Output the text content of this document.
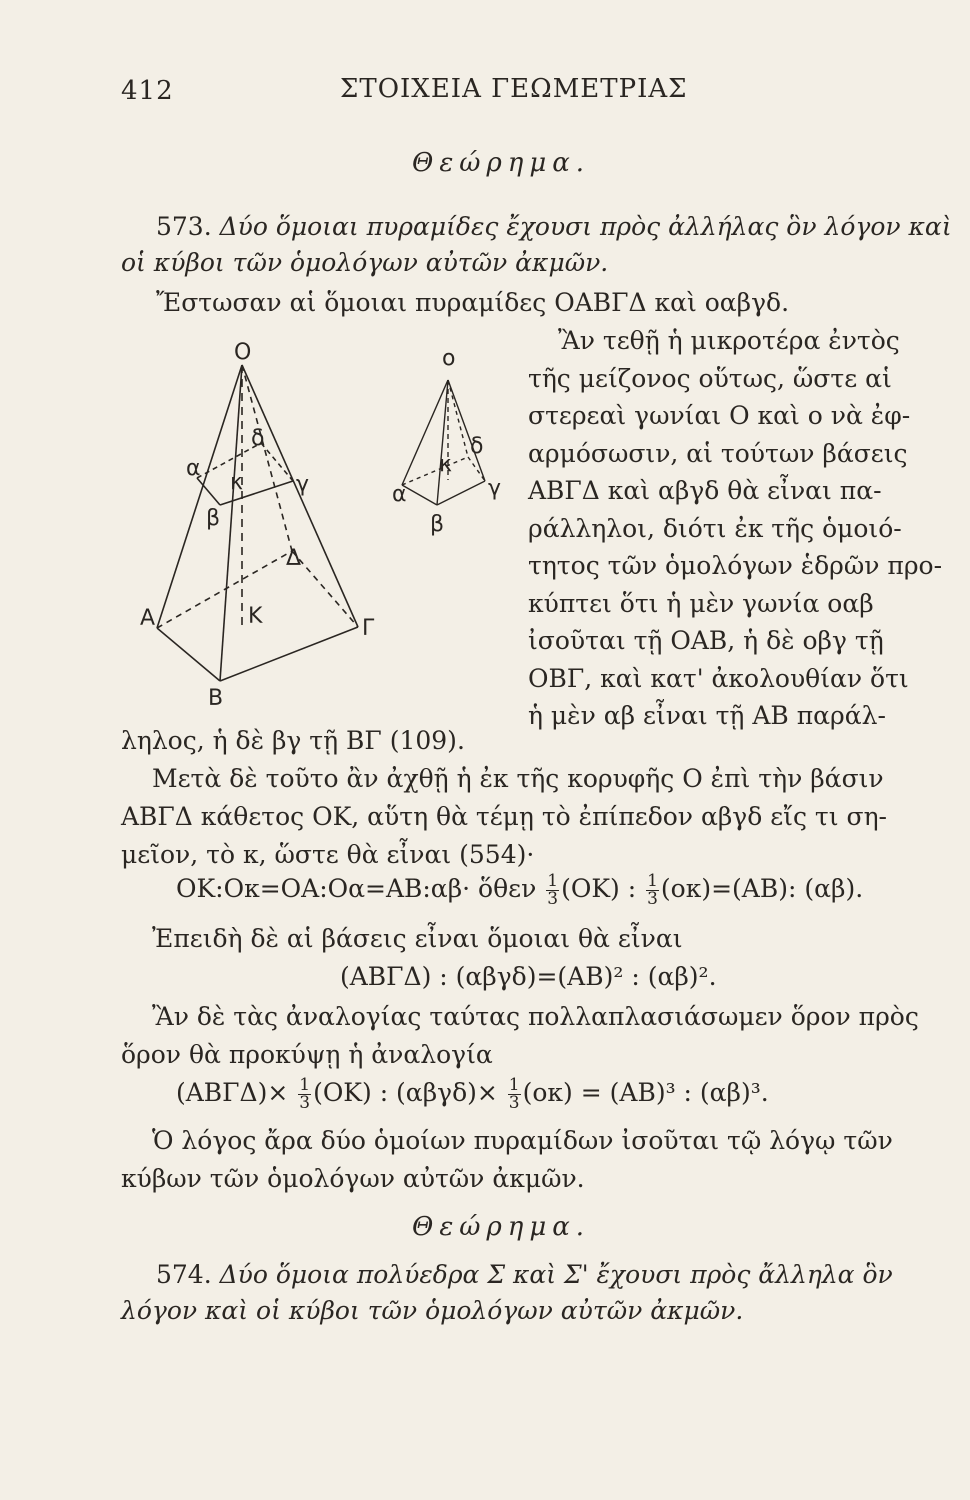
412	ΣΤΟΙΧΕΙΑ ΓΕΩΜΕΤΡΙΑΣ
Θεώρημα.
573. Δύο ὅμοιαι πυραμίδες ἔχουσι πρὸς ἀλλήλας ὃν λόγον καὶ
οἱ κύβοι τῶν ὁμολόγων αὐτῶν ἀκμῶν.
Ἔστωσαν αἱ ὅμοιαι πυραμίδες ΟΑΒΓΔ καὶ οαβγδ.
Ἂν τεθῇ ἡ μικροτέρα ἐντὸς
τῆς μείζονος οὕτως, ὥστε αἱ
στερεαὶ γωνίαι Ο καὶ ο νὰ ἐφ-
αρμόσωσιν, αἱ τούτων βάσεις
ΑΒΓΔ καὶ αβγδ θὰ εἶναι πα-
ράλληλοι, διότι ἐκ τῆς ὁμοιό-
τητος τῶν ὁμολόγων ἑδρῶν προ-
κύπτει ὅτι ἡ μὲν γωνία οαβ
ἰσοῦται τῇ ΟΑΒ, ἡ δὲ οβγ τῇ
ΟΒΓ, καὶ κατ' ἀκολουθίαν ὅτι
ἡ μὲν αβ εἶναι τῇ ΑΒ παράλ-
Ο
α
γ
β
δ
κ
Δ
Α	Γ
Κ
Β
ο
α	γ
β
δ
κ
ληλος, ἡ δὲ βγ τῇ ΒΓ (109).
Μετὰ δὲ τοῦτο ἂν ἀχθῇ ἡ ἐκ τῆς κορυφῆς Ο ἐπὶ τὴν βάσιν
ΑΒΓΔ κάθετος ΟΚ, αὕτη θὰ τέμῃ τὸ ἐπίπεδον αβγδ εἴς τι ση-
μεῖον, τὸ κ, ὥστε θὰ εἶναι (554)·
ΟΚ:Οκ=ΟΑ:Οα=ΑΒ:αβ· ὅθεν $\frac{1}{3} (OK)$ : $\frac{1}{3} (o\kappa)=(AB)$: (αβ).
Ἐπειδὴ δὲ αἱ βάσεις εἶναι ὅμοιαι θὰ εἶναι
(ΑΒΓΔ) : (αβγδ)=(ΑΒ)² : (αβ)².
Ἂν δὲ τὰς ἀναλογίας ταύτας πολλαπλασιάσωμεν ὅρον πρὸς
ὅρον θὰ προκύψῃ ἡ ἀναλογία
$(AB\Gamma\Delta)\times \frac{1}{3} (OK)$ : $(\alpha\beta\gamma\delta)\times \frac{1}{3} (o\kappa) = (AB)^3$ : (αβ)³.
Ὁ λόγος ἄρα δύο ὁμοίων πυραμίδων ἰσοῦται τῷ λόγῳ τῶν
κύβων τῶν ὁμολόγων αὐτῶν ἀκμῶν.
Θεώρημα.
574. Δύο ὅμοια πολύεδρα Σ καὶ Σ' ἔχουσι πρὸς ἄλληλα ὃν
λόγον καὶ οἱ κύβοι τῶν ὁμολόγων αὐτῶν ἀκμῶν.
